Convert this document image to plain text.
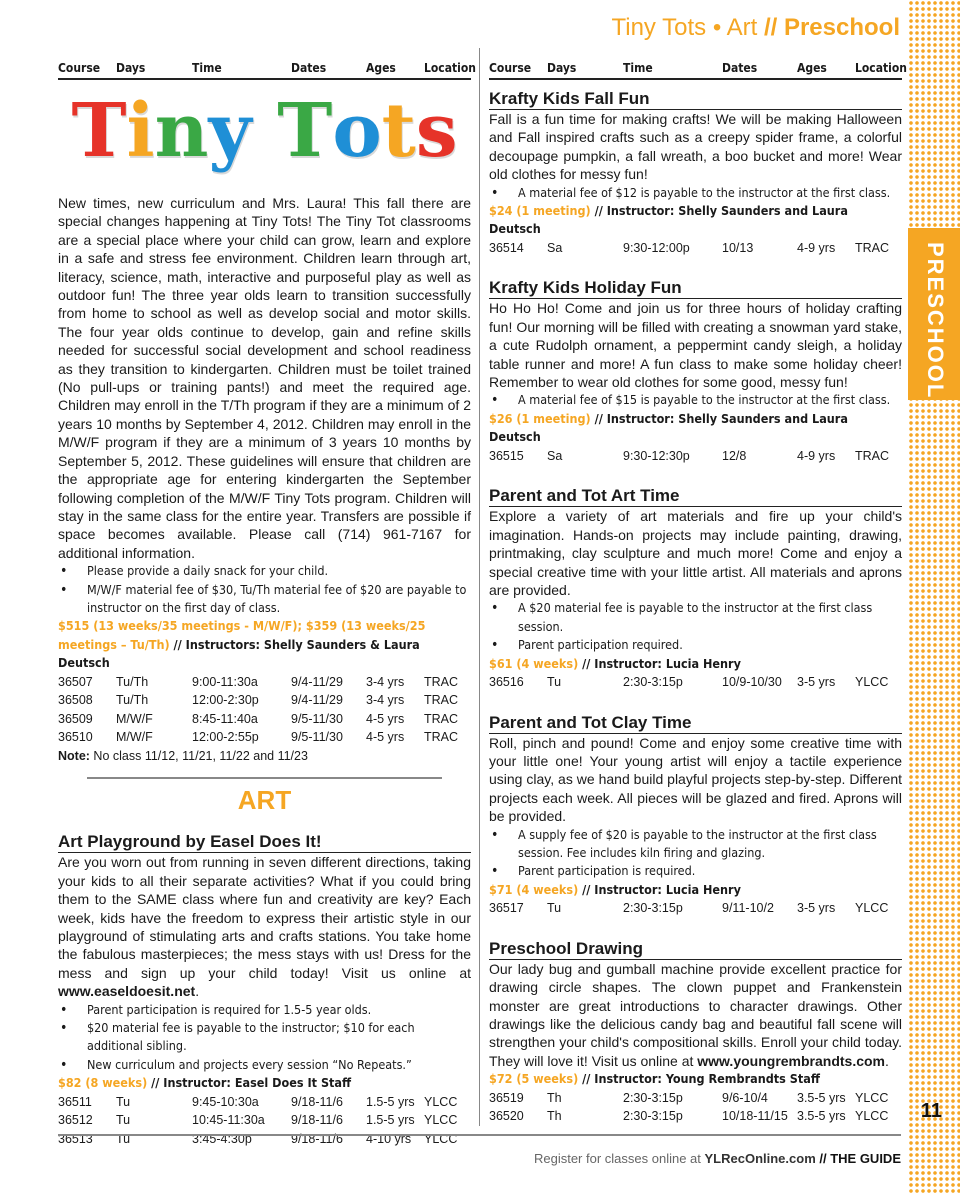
PRESCHOOL
11
Tiny Tots • Art // Preschool
Course Days	Time	Dates	Ages Location
Tiny Tots

New times, new curriculum and Mrs. Laura! This fall there are special changes happening at Tiny Tots! The Tiny Tot classrooms are a special place where your child can grow, learn and explore in a safe and stress fee environment. Children learn through art, literacy, science, math, interactive and purposeful play as well as outdoor fun! The three year olds learn to transition successfully from home to school as well as develop social and motor skills. The four year olds continue to develop, gain and refine skills needed for successful social development and school readiness as they transition to kindergarten. Children must be toilet trained (No pull-ups or training pants!) and meet the required age. Children may enroll in the T/Th program if they are a minimum of 2 years 10 months by September 4, 2012. Children may enroll in the M/W/F program if they are a minimum of 3 years 10 months by September 5, 2012. These guidelines will ensure that children are the appropriate age for entering kindergarten the September following completion of the M/W/F Tiny Tots program. Children will stay in the same class for the entire year. Transfers are possible if space becomes available. Please call (714) 961-7167 for additional information.

• Please provide a daily snack for your child.
• M/W/F material fee of $30, Tu/Th material fee of $20 are payable to instructor on the first day of class.
$515 (13 weeks/35 meetings - M/W/F); $359 (13 weeks/25 meetings – Tu/Th) // Instructors: Shelly Saunders & Laura Deutsch
36507 Tu/Th	9:00-11:30a	9/4-11/29 3-4 yrs TRAC
36508 Tu/Th	12:00-2:30p	9/4-11/29 3-4 yrs TRAC
36509 M/W/F	8:45-11:40a	9/5-11/30 4-5 yrs TRAC
36510 M/W/F	12:00-2:55p	9/5-11/30 4-5 yrs TRAC
Note: No class 11/12, 11/21, 11/22 and 11/23
ART
Art Playground by Easel Does It!

Are you worn out from running in seven different directions, taking your kids to all their separate activities? What if you could bring them to the SAME class where fun and creativity are key? Each week, kids have the freedom to express their artistic style in our playground of stimulating arts and crafts stations. You take home the fabulous masterpieces; the mess stays with us! Dress for the mess and sign up your child today! Visit us online at www.easeldoesit.net.

• Parent participation is required for 1.5-5 year olds.
• $20 material fee is payable to the instructor; $10 for each additional sibling.
• New curriculum and projects every session “No Repeats.”
$82 (8 weeks) // Instructor: Easel Does It Staff
36511 Tu	9:45-10:30a	9/18-11/6 1.5-5 yrs YLCC
36512 Tu	10:45-11:30a 9/18-11/6 1.5-5 yrs YLCC
36513 Tu	3:45-4:30p	9/18-11/6 4-10 yrs YLCC
Course Days	Time	Dates	Ages Location
Krafty Kids Fall Fun

Fall is a fun time for making crafts! We will be making Halloween and Fall inspired crafts such as a creepy spider frame, a colorful decoupage pumpkin, a fall wreath, a boo bucket and more! Wear old clothes for messy fun!

• A material fee of $12 is payable to the instructor at the first class.
$24 (1 meeting) // Instructor: Shelly Saunders and Laura Deutsch
36514 Sa	9:30-12:00p	10/13	4-9 yrs TRAC
Krafty Kids Holiday Fun

Ho Ho Ho! Come and join us for three hours of holiday crafting fun! Our morning will be filled with creating a snowman yard stake, a cute Rudolph ornament, a peppermint candy sleigh, a holiday table runner and more! A fun class to make some holiday cheer! Remember to wear old clothes for some good, messy fun!

• A material fee of $15 is payable to the instructor at the first class.
$26 (1 meeting) // Instructor: Shelly Saunders and Laura Deutsch
36515 Sa	9:30-12:30p	12/8	4-9 yrs TRAC
Parent and Tot Art Time

Explore a variety of art materials and fire up your child's imagination. Hands-on projects may include painting, drawing, printmaking, clay sculpture and much more! Come and enjoy a special creative time with your little artist. All materials and aprons are provided.

• A $20 material fee is payable to the instructor at the first class session.
• Parent participation required.
$61 (4 weeks) // Instructor: Lucia Henry
36516 Tu	2:30-3:15p	10/9-10/30 3-5 yrs YLCC
Parent and Tot Clay Time

Roll, pinch and pound! Come and enjoy some creative time with your little one! Your young artist will enjoy a tactile experience using clay, as we hand build playful projects step-by-step. Different projects each week. All pieces will be glazed and fired. Aprons will be provided.

• A supply fee of $20 is payable to the instructor at the first class session. Fee includes kiln firing and glazing.
• Parent participation is required.
$71 (4 weeks) // Instructor: Lucia Henry
36517 Tu	2:30-3:15p	9/11-10/2 3-5 yrs YLCC
Preschool Drawing

Our lady bug and gumball machine provide excellent practice for drawing circle shapes. The clown puppet and Frankenstein monster are great introductions to character drawings. Other drawings like the delicious candy bag and beautiful fall scene will strengthen your child's compositional skills. Enroll your child today. They will love it! Visit us online at www.youngrembrandts.com.

$72 (5 weeks) // Instructor: Young Rembrandts Staff
36519 Th	2:30-3:15p	9/6-10/4 3.5-5 yrs YLCC
36520 Th	2:30-3:15p	10/18-11/15 3.5-5 yrs YLCC
Register for classes online at YLRecOnline.com // THE GUIDE
